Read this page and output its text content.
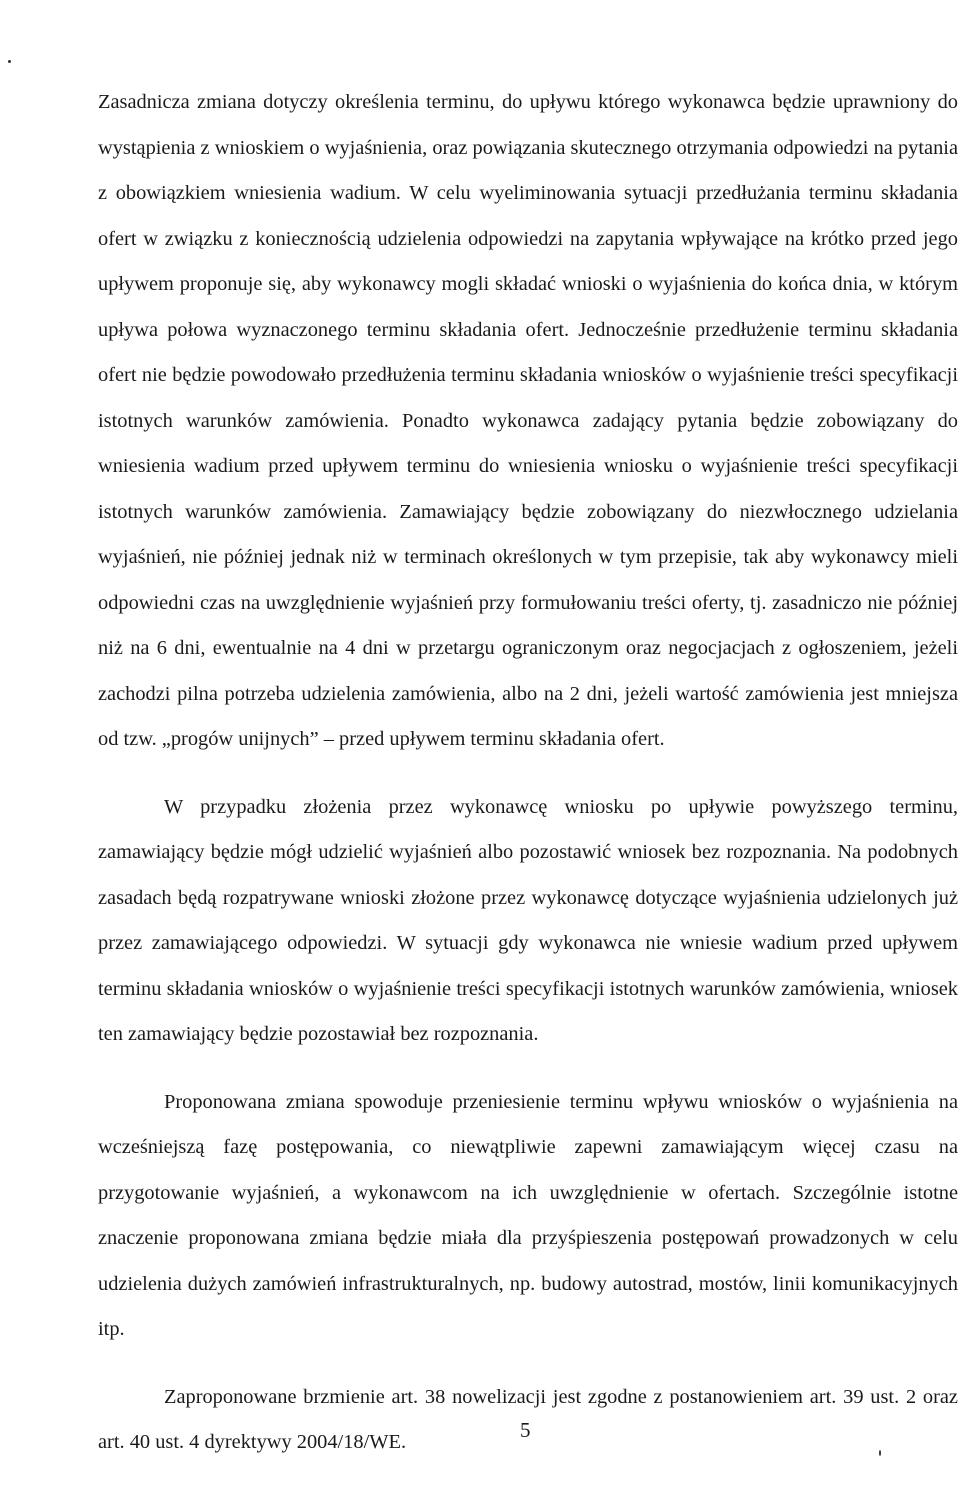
Zasadnicza zmiana dotyczy określenia terminu, do upływu którego wykonawca będzie uprawniony do wystąpienia z wnioskiem o wyjaśnienia, oraz powiązania skutecznego otrzymania odpowiedzi na pytania z obowiązkiem wniesienia wadium. W celu wyeliminowania sytuacji przedłużania terminu składania ofert w związku z koniecznością udzielenia odpowiedzi na zapytania wpływające na krótko przed jego upływem proponuje się, aby wykonawcy mogli składać wnioski o wyjaśnienia do końca dnia, w którym upływa połowa wyznaczonego terminu składania ofert. Jednocześnie przedłużenie terminu składania ofert nie będzie powodowało przedłużenia terminu składania wniosków o wyjaśnienie treści specyfikacji istotnych warunków zamówienia. Ponadto wykonawca zadający pytania będzie zobowiązany do wniesienia wadium przed upływem terminu do wniesienia wniosku o wyjaśnienie treści specyfikacji istotnych warunków zamówienia. Zamawiający będzie zobowiązany do niezwłocznego udzielania wyjaśnień, nie później jednak niż w terminach określonych w tym przepisie, tak aby wykonawcy mieli odpowiedni czas na uwzględnienie wyjaśnień przy formułowaniu treści oferty, tj. zasadniczo nie później niż na 6 dni, ewentualnie na 4 dni w przetargu ograniczonym oraz negocjacjach z ogłoszeniem, jeżeli zachodzi pilna potrzeba udzielenia zamówienia, albo na 2 dni, jeżeli wartość zamówienia jest mniejsza od tzw. „progów unijnych” – przed upływem terminu składania ofert.

W przypadku złożenia przez wykonawcę wniosku po upływie powyższego terminu, zamawiający będzie mógł udzielić wyjaśnień albo pozostawić wniosek bez rozpoznania. Na podobnych zasadach będą rozpatrywane wnioski złożone przez wykonawcę dotyczące wyjaśnienia udzielonych już przez zamawiającego odpowiedzi. W sytuacji gdy wykonawca nie wniesie wadium przed upływem terminu składania wniosków o wyjaśnienie treści specyfikacji istotnych warunków zamówienia, wniosek ten zamawiający będzie pozostawiał bez rozpoznania.

Proponowana zmiana spowoduje przeniesienie terminu wpływu wniosków o wyjaśnienia na wcześniejszą fazę postępowania, co niewątpliwie zapewni zamawiającym więcej czasu na przygotowanie wyjaśnień, a wykonawcom na ich uwzględnienie w ofertach. Szczególnie istotne znaczenie proponowana zmiana będzie miała dla przyśpieszenia postępowań prowadzonych w celu udzielenia dużych zamówień infrastrukturalnych, np. budowy autostrad, mostów, linii komunikacyjnych itp.

Zaproponowane brzmienie art. 38 nowelizacji jest zgodne z postanowieniem art. 39 ust. 2 oraz art. 40 ust. 4 dyrektywy 2004/18/WE.	5
